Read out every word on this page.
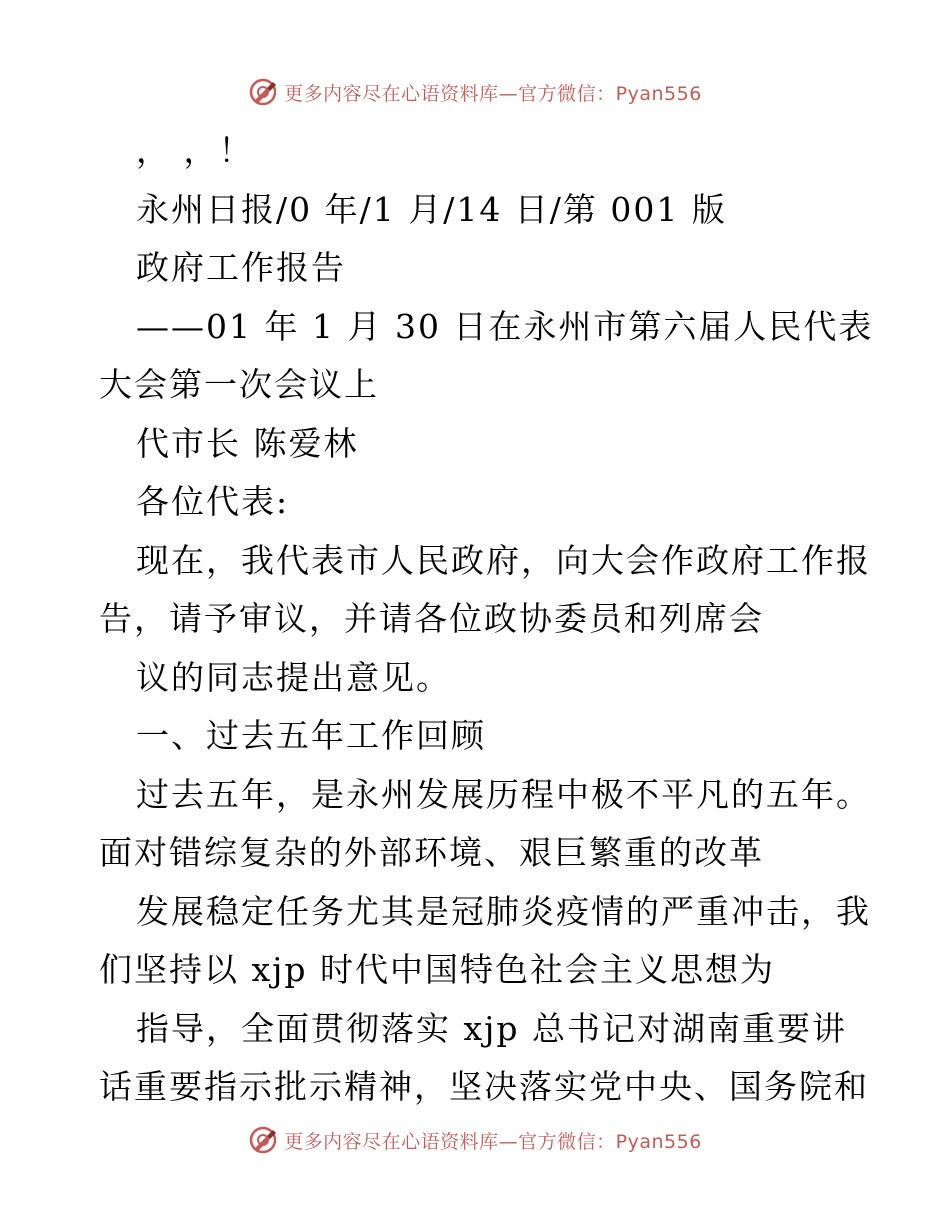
更多内容尽在心语资料库—官方微信：Pyan556
， ，！
永州日报/0 年/1 月/14 日/第 001 版
政府工作报告
——01 年 1 月 30 日在永州市第六届人民代表
大会第一次会议上
代市长 陈爱林
各位代表:
现在，我代表市人民政府，向大会作政府工作报
告，请予审议，并请各位政协委员和列席会
议的同志提出意见。
一、过去五年工作回顾
过去五年，是永州发展历程中极不平凡的五年。
面对错综复杂的外部环境、艰巨繁重的改革
发展稳定任务尤其是冠肺炎疫情的严重冲击，我
们坚持以 xjp 时代中国特色社会主义思想为
指导，全面贯彻落实 xjp 总书记对湖南重要讲
话重要指示批示精神，坚决落实党中央、国务院和
更多内容尽在心语资料库—官方微信：Pyan556
